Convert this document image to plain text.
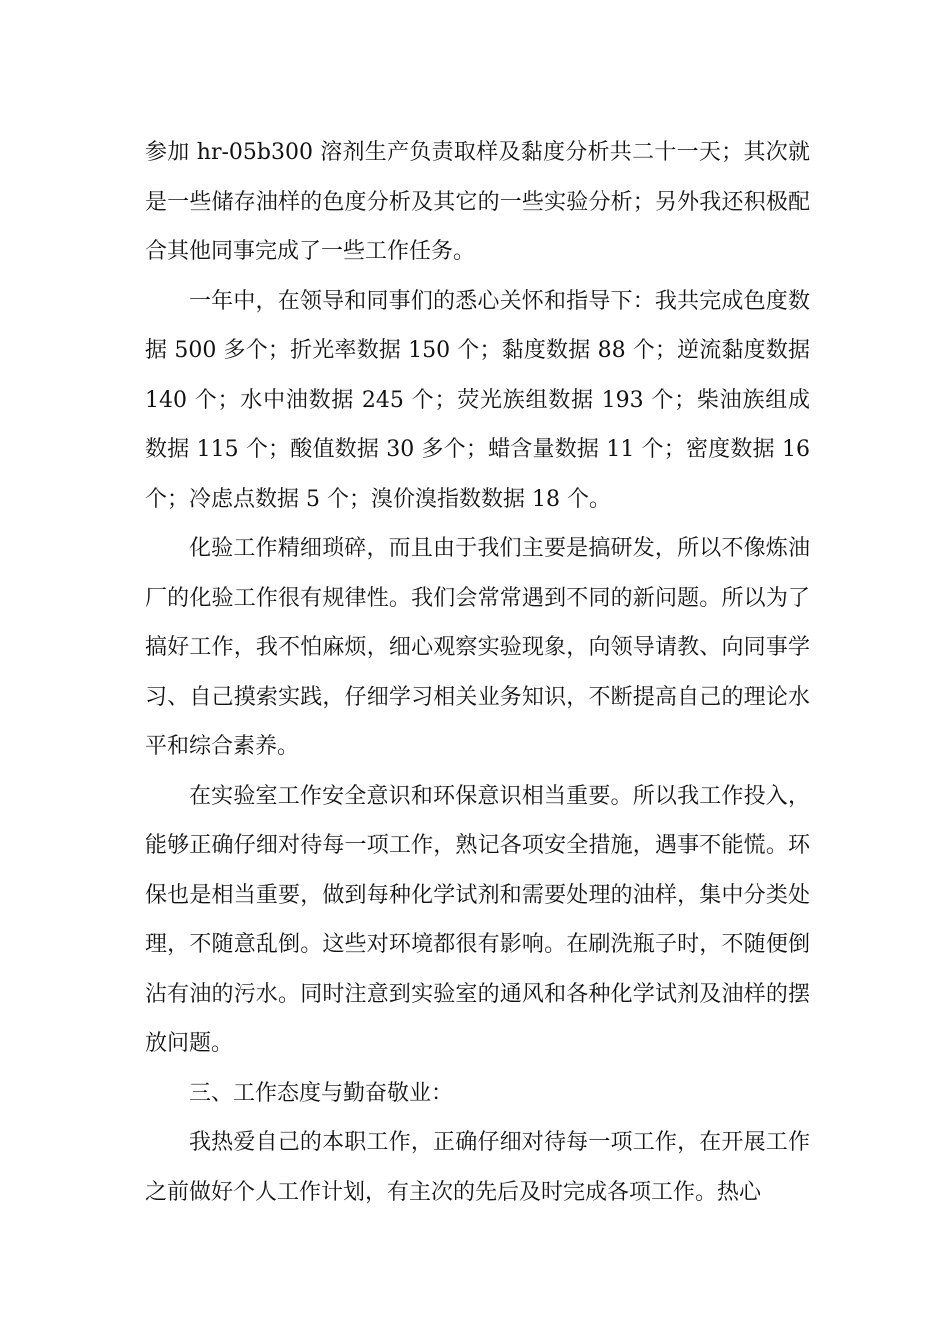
参加 hr-05b300 溶剂生产负责取样及黏度分析共二十一天；其次就是一些储存油样的色度分析及其它的一些实验分析；另外我还积极配合其他同事完成了一些工作任务。

一年中，在领导和同事们的悉心关怀和指导下：我共完成色度数据 500 多个；折光率数据 150 个；黏度数据 88 个；逆流黏度数据 140 个；水中油数据 245 个；荧光族组数据 193 个；柴油族组成数据 115 个；酸值数据 30 多个；蜡含量数据 11 个；密度数据 16 个；冷虑点数据 5 个；溴价溴指数数据 18 个。

化验工作精细琐碎，而且由于我们主要是搞研发，所以不像炼油厂的化验工作很有规律性。我们会常常遇到不同的新问题。所以为了搞好工作，我不怕麻烦，细心观察实验现象，向领导请教、向同事学习、自己摸索实践，仔细学习相关业务知识，不断提高自己的理论水平和综合素养。

在实验室工作安全意识和环保意识相当重要。所以我工作投入，能够正确仔细对待每一项工作，熟记各项安全措施，遇事不能慌。环保也是相当重要，做到每种化学试剂和需要处理的油样，集中分类处理，不随意乱倒。这些对环境都很有影响。在刷洗瓶子时，不随便倒沾有油的污水。同时注意到实验室的通风和各种化学试剂及油样的摆放问题。

三、工作态度与勤奋敬业：

我热爱自己的本职工作，正确仔细对待每一项工作，在开展工作之前做好个人工作计划，有主次的先后及时完成各项工作。热心
